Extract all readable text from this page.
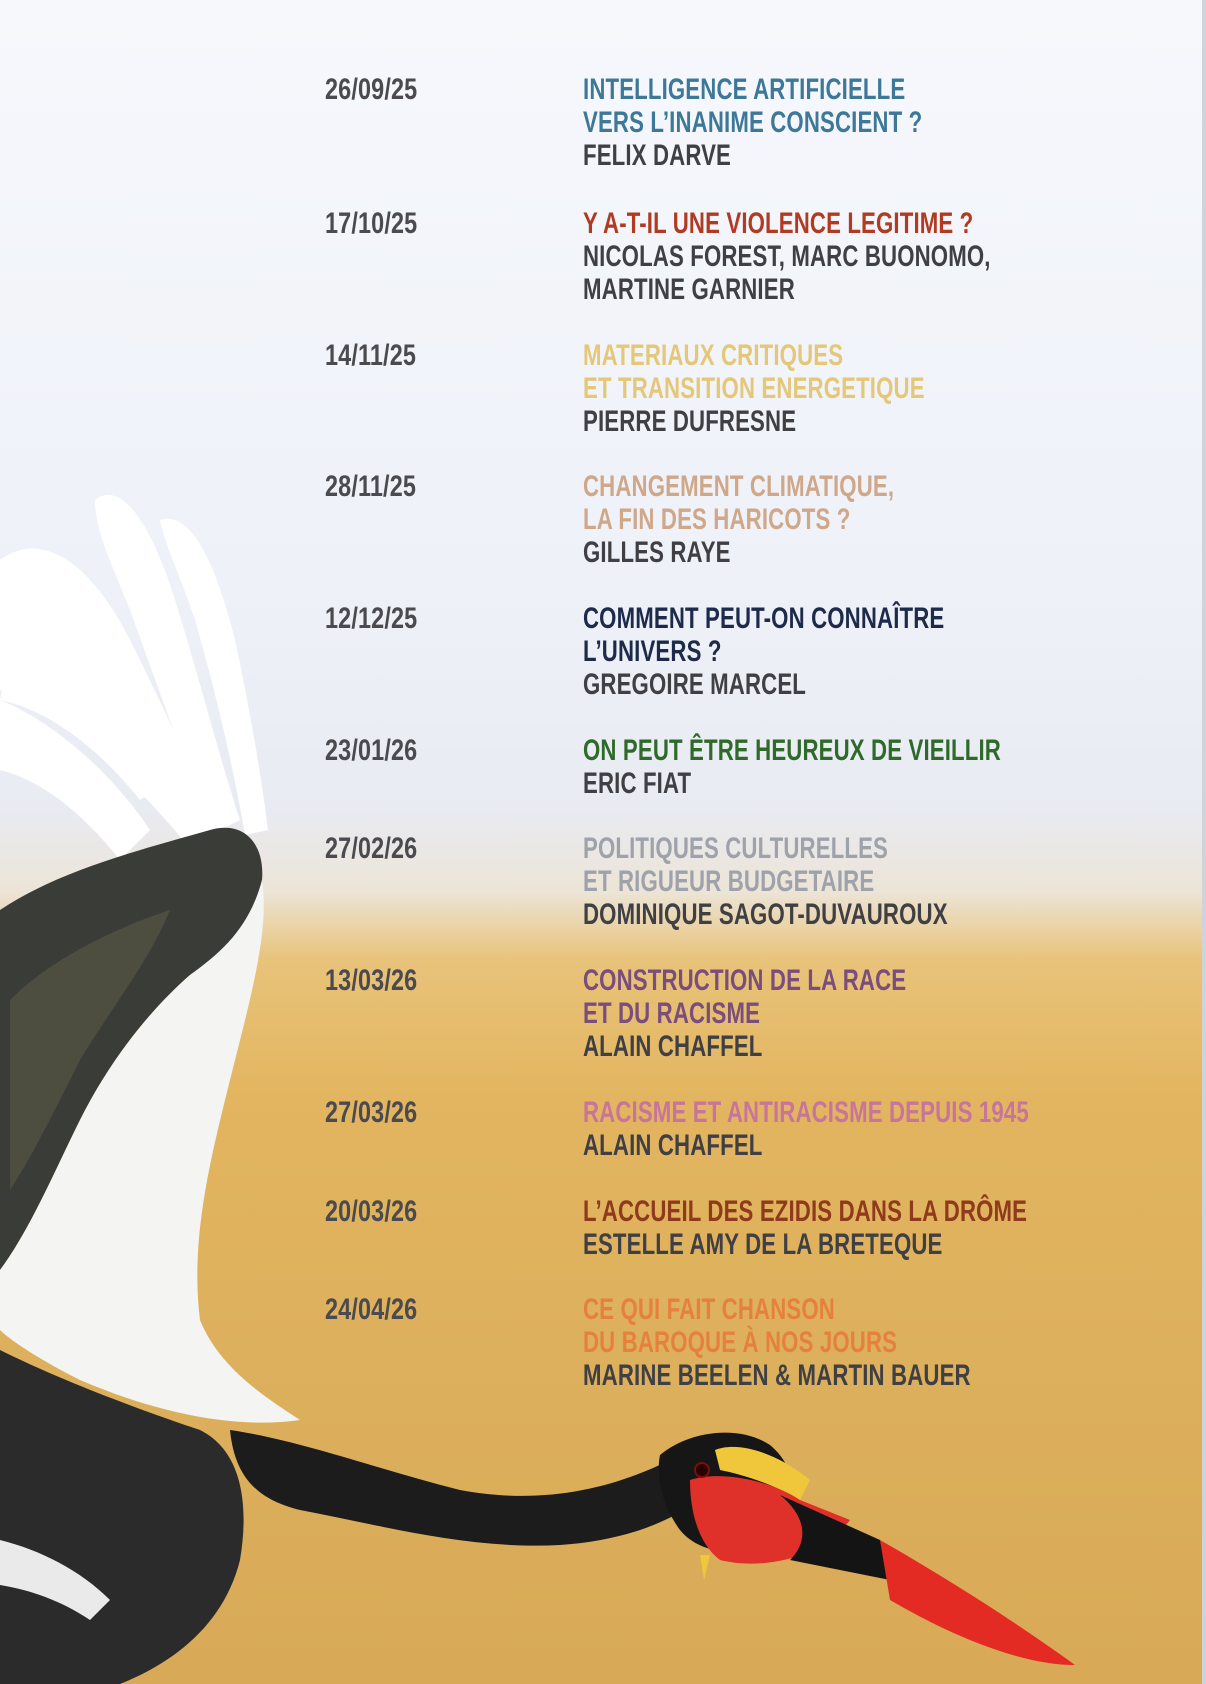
26/09/25	INTELLIGENCE ARTIFICIELLE
VERS L’INANIME CONSCIENT ?
FELIX DARVE
17/10/25	Y A-T-IL UNE VIOLENCE LEGITIME ?
NICOLAS FOREST, MARC BUONOMO,
MARTINE GARNIER
14/11/25	MATERIAUX CRITIQUES
ET TRANSITION ENERGETIQUE
PIERRE DUFRESNE
28/11/25	CHANGEMENT CLIMATIQUE,
LA FIN DES HARICOTS ?
GILLES RAYE
12/12/25	COMMENT PEUT-ON CONNAÎTRE
L’UNIVERS ?
GREGOIRE MARCEL
23/01/26	ON PEUT ÊTRE HEUREUX DE VIEILLIR
ERIC FIAT
27/02/26	POLITIQUES CULTURELLES
ET RIGUEUR BUDGETAIRE
DOMINIQUE SAGOT-DUVAUROUX
13/03/26	CONSTRUCTION DE LA RACE
ET DU RACISME
ALAIN CHAFFEL
27/03/26	RACISME ET ANTIRACISME DEPUIS 1945
ALAIN CHAFFEL
20/03/26	L’ACCUEIL DES EZIDIS DANS LA DRÔME
ESTELLE AMY DE LA BRETEQUE
24/04/26	CE QUI FAIT CHANSON
DU BAROQUE À NOS JOURS
MARINE BEELEN & MARTIN BAUER
